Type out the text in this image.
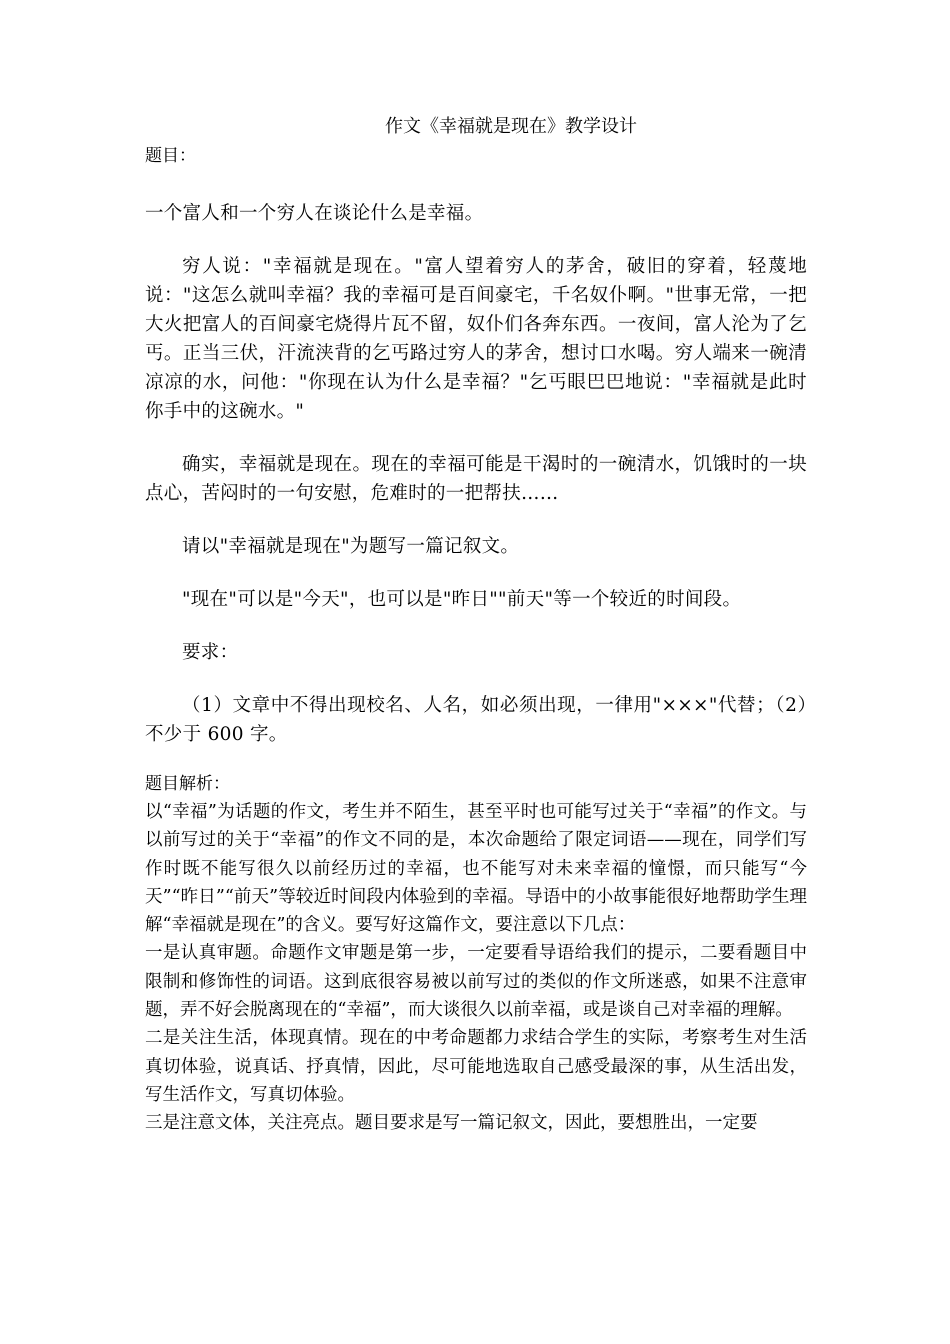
作文《幸福就是现在》教学设计

题目：

一个富人和一个穷人在谈论什么是幸福。

穷人说："幸福就是现在。"富人望着穷人的茅舍，破旧的穿着，轻蔑地说："这怎么就叫幸福？我的幸福可是百间豪宅，千名奴仆啊。"世事无常，一把大火把富人的百间豪宅烧得片瓦不留，奴仆们各奔东西。一夜间，富人沦为了乞丐。正当三伏，汗流浃背的乞丐路过穷人的茅舍，想讨口水喝。穷人端来一碗清凉凉的水，问他："你现在认为什么是幸福？"乞丐眼巴巴地说："幸福就是此时你手中的这碗水。"

确实，幸福就是现在。现在的幸福可能是干渴时的一碗清水，饥饿时的一块点心，苦闷时的一句安慰，危难时的一把帮扶……

请以"幸福就是现在"为题写一篇记叙文。

"现在"可以是"今天"，也可以是"昨日""前天"等一个较近的时间段。

要求：

（1）文章中不得出现校名、人名，如必须出现，一律用"×××"代替；（2）不少于 600 字。

题目解析：

以“幸福”为话题的作文，考生并不陌生，甚至平时也可能写过关于“幸福”的作文。与以前写过的关于“幸福”的作文不同的是，本次命题给了限定词语——现在，同学们写作时既不能写很久以前经历过的幸福，也不能写对未来幸福的憧憬，而只能写“今天”“昨日”“前天”等较近时间段内体验到的幸福。导语中的小故事能很好地帮助学生理解“幸福就是现在”的含义。要写好这篇作文，要注意以下几点：

一是认真审题。命题作文审题是第一步，一定要看导语给我们的提示，二要看题目中限制和修饰性的词语。这到底很容易被以前写过的类似的作文所迷惑，如果不注意审题，弄不好会脱离现在的“幸福”，而大谈很久以前幸福，或是谈自己对幸福的理解。

二是关注生活，体现真情。现在的中考命题都力求结合学生的实际，考察考生对生活真切体验，说真话、抒真情，因此，尽可能地选取自己感受最深的事，从生活出发，写生活作文，写真切体验。

三是注意文体，关注亮点。题目要求是写一篇记叙文，因此，要想胜出，一定要
